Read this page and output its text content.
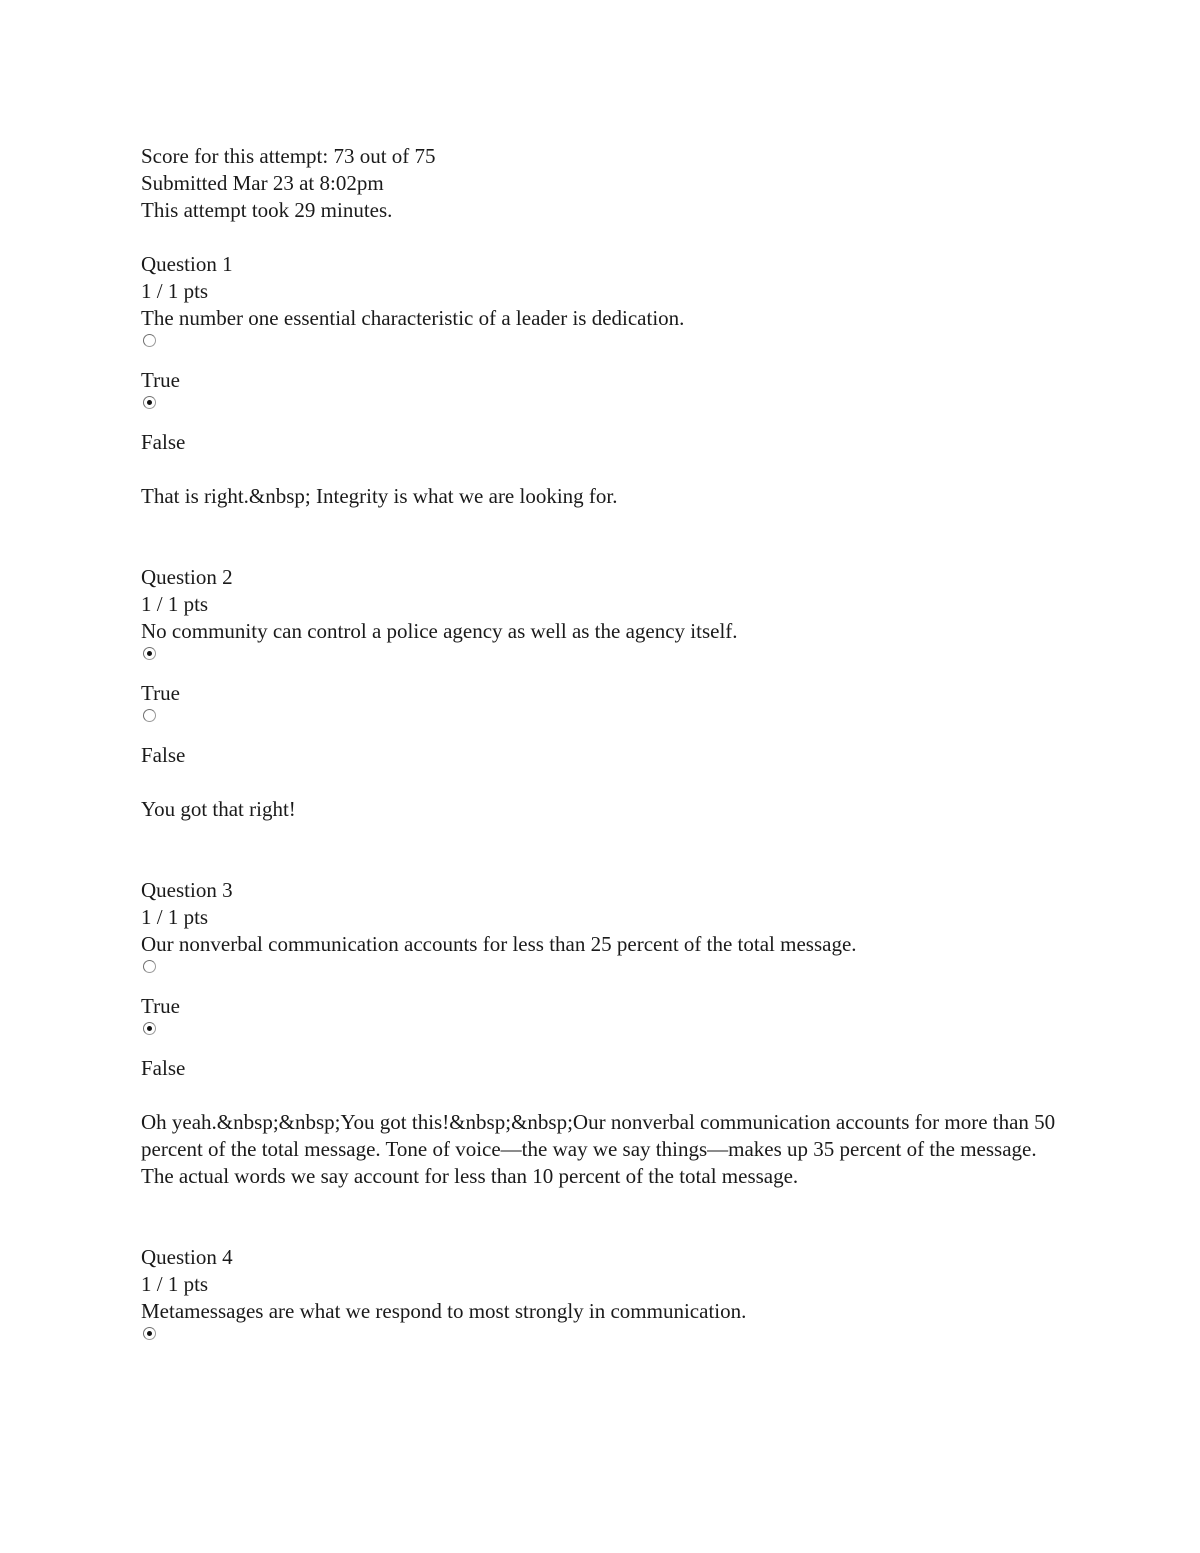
Score for this attempt: 73 out of 75
Submitted Mar 23 at 8:02pm
This attempt took 29 minutes.
Question 1
1 / 1 pts
The number one essential characteristic of a leader is dedication.
True
False
That is right.&nbsp; Integrity is what we are looking for.
Question 2
1 / 1 pts
No community can control a police agency as well as the agency itself.
True
False
You got that right!
Question 3
1 / 1 pts
Our nonverbal communication accounts for less than 25 percent of the total message.
True
False
Oh yeah.&nbsp;&nbsp;You got this!&nbsp;&nbsp;Our nonverbal communication accounts for more than 50 percent of the total message. Tone of voice—the way we say things—makes up 35 percent of the message. The actual words we say account for less than 10 percent of the total message.
Question 4
1 / 1 pts
Metamessages are what we respond to most strongly in communication.
